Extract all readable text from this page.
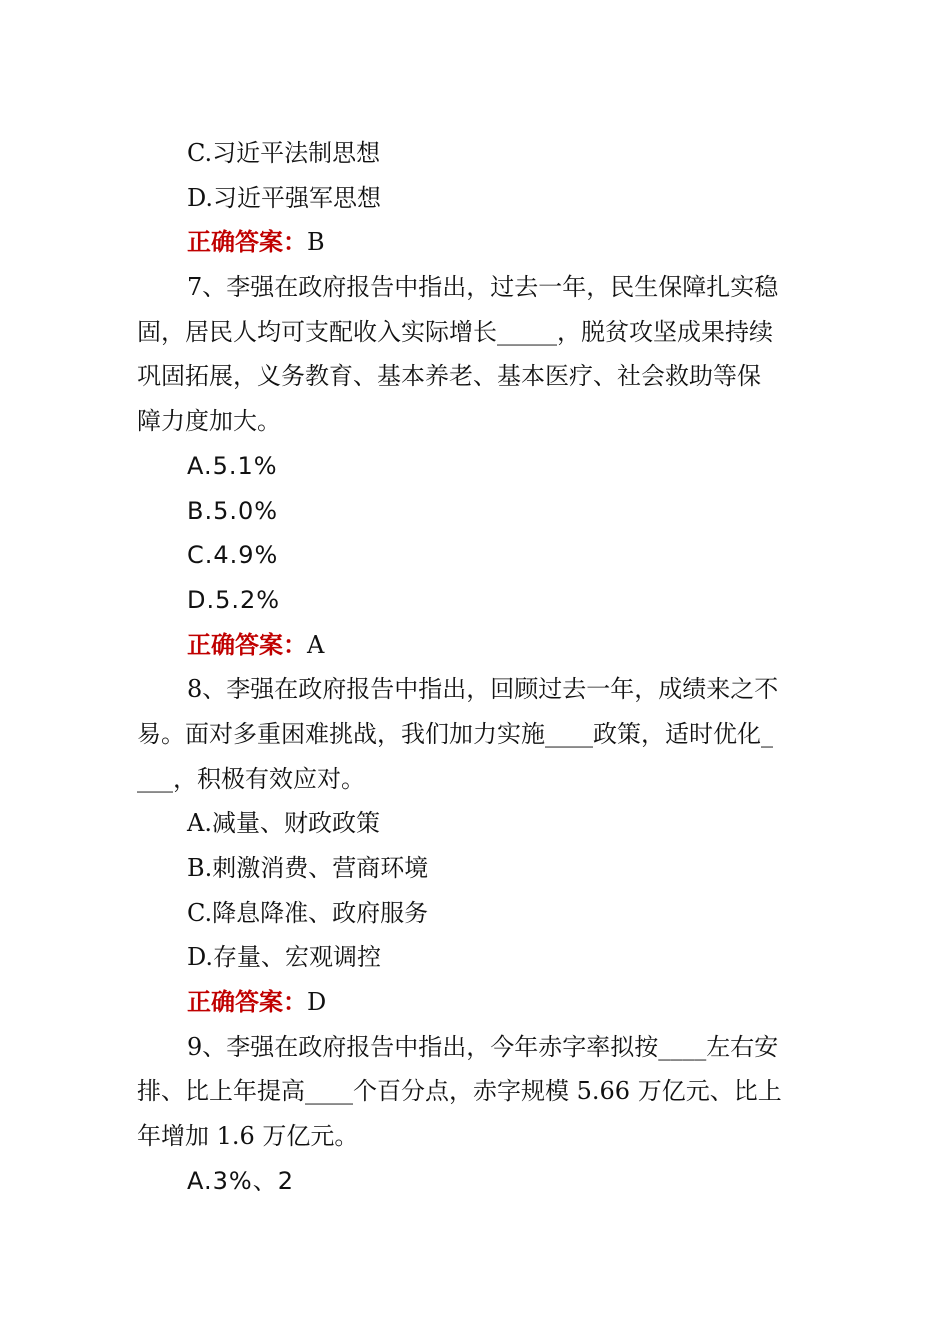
C.习近平法制思想
D.习近平强军思想
正确答案：B
7、李强在政府报告中指出，过去一年，民生保障扎实稳
固，居民人均可支配收入实际增长_____，脱贫攻坚成果持续
巩固拓展，义务教育、基本养老、基本医疗、社会救助等保
障力度加大。
A.5.1%
B.5.0%
C.4.9%
D.5.2%
正确答案：A
8、李强在政府报告中指出，回顾过去一年，成绩来之不
易。面对多重困难挑战，我们加力实施____政策，适时优化_
___，积极有效应对。
A.减量、财政政策
B.刺激消费、营商环境
C.降息降准、政府服务
D.存量、宏观调控
正确答案：D
9、李强在政府报告中指出，今年赤字率拟按____左右安
排、比上年提高____个百分点，赤字规模 5.66 万亿元、比上
年增加 1.6 万亿元。
A.3%、2
